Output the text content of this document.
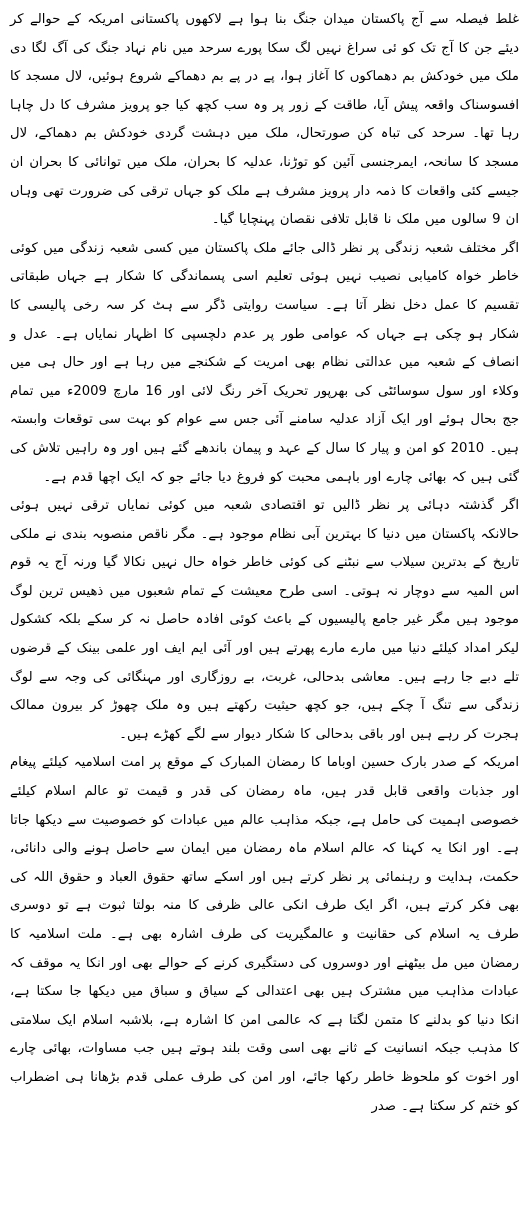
غلط فیصلہ سے آج پاکستان میدان جنگ بنا ہوا ہے لاکھوں پاکستانی امریکہ کے حوالے کر دیئے جن کا آج تک کو ئی سراغ نہیں لگ سکا پورے سرحد میں نام نہاد جنگ کی آگ لگا دی ملک میں خودکش بم دھماکوں کا آغاز ہوا، پے در پے بم دھماکے شروع ہوئیں، لال مسجد کا افسوسناک واقعہ پیش آیا، طاقت کے زور پر وہ سب کچھ کیا جو پرویز مشرف کا دل چاہا رہا تھا۔ سرحد کی تباہ کن صورتحال، ملک میں دہشت گردی خودکش بم دھماکے، لال مسجد کا سانحہ، ایمرجنسی آئین کو توڑنا، عدلیہ کا بحران، ملک میں توانائی کا بحران ان جیسے کئی واقعات کا ذمہ دار پرویز مشرف ہے ملک کو جہاں ترقی کی ضرورت تھی وہاں ان 9 سالوں میں ملک نا قابل تلافی نقصان پہنچایا گیا۔

اگر مختلف شعبہ زندگی پر نظر ڈالی جائے ملک پاکستان میں کسی شعبہ زندگی میں کوئی خاطر خواہ کامیابی نصیب نہیں ہوئی تعلیم اسی پسماندگی کا شکار ہے جہاں طبقاتی تقسیم کا عمل دخل نظر آتا ہے۔ سیاست روایتی ڈگر سے ہٹ کر سہ رخی پالیسی کا شکار ہو چکی ہے جہاں کہ عوامی طور پر عدم دلچسپی کا اظہار نمایاں ہے۔ عدل و انصاف کے شعبہ میں عدالتی نظام بھی امریت کے شکنجے میں رہا ہے اور حال ہی میں وکلاء اور سول سوسائٹی کی بھرپور تحریک آخر رنگ لائی اور 16 مارچ 2009ء میں تمام جج بحال ہوئے اور ایک آزاد عدلیہ سامنے آئی جس سے عوام کو بہت سی توقعات وابستہ ہیں۔ 2010 کو امن و پیار کا سال کے عہد و پیمان باندھے گئے ہیں اور وہ راہیں تلاش کی گئی ہیں کہ بھائی چارے اور باہمی محبت کو فروغ دیا جائے جو کہ ایک اچھا قدم ہے۔

اگر گذشتہ دہائی پر نظر ڈالیں تو اقتصادی شعبہ میں کوئی نمایاں ترقی نہیں ہوئی حالانکہ پاکستان میں دنیا کا بہترین آبی نظام موجود ہے۔ مگر ناقص منصوبہ بندی نے ملکی تاریخ کے بدترین سیلاب سے نبٹنے کی کوئی خاطر خواہ حال نہیں نکالا گیا ورنہ آج یہ قوم اس المیہ سے دوچار نہ ہوتی۔ اسی طرح معیشت کے تمام شعبوں میں ذھیس ترین لوگ موجود ہیں مگر غیر جامع پالیسیوں کے باعث کوئی افادہ حاصل نہ کر سکے بلکہ کشکول لیکر امداد کیلئے دنیا میں مارے مارے پھرتے ہیں اور آئی ایم ایف اور علمی بینک کے قرضوں تلے دبے جا رہے ہیں۔ معاشی بدحالی، غربت، بے روزگاری اور مہنگائی کی وجہ سے لوگ زندگی سے تنگ آ چکے ہیں، جو کچھ حیثیت رکھتے ہیں وہ ملک چھوڑ کر بیرون ممالک ہجرت کر رہے ہیں اور باقی بدحالی کا شکار دیوار سے لگے کھڑے ہیں۔

امریکہ کے صدر بارک حسین اوباما کا رمضان المبارک کے موقع پر امت اسلامیہ کیلئے پیغام اور جذبات واقعی قابل قدر ہیں، ماہ رمضان کی قدر و قیمت تو عالم اسلام کیلئے خصوصی اہمیت کی حامل ہے، جبکہ مذاہب عالم میں عبادات کو خصوصیت سے دیکھا جاتا ہے۔ اور انکا یہ کہنا کہ عالم اسلام ماہ رمضان میں ایمان سے حاصل ہونے والی دانائی، حکمت، ہدایت و رہنمائی پر نظر کرتے ہیں اور اسکے ساتھ حقوق العباد و حقوق اللہ کی بھی فکر کرتے ہیں، اگر ایک طرف انکی عالی ظرفی کا منہ بولتا ثبوت ہے تو دوسری طرف یہ اسلام کی حقانیت و عالمگیریت کی طرف اشارہ بھی ہے۔ ملت اسلامیہ کا رمضان میں مل بیٹھنے اور دوسروں کی دستگیری کرنے کے حوالے بھی اور انکا یہ موقف کہ عبادات مذاہب میں مشترک ہیں بھی اعتدالی کے سیاق و سباق میں دیکھا جا سکتا ہے، انکا دنیا کو بدلنے کا متمن لگتا ہے کہ عالمی امن کا اشارہ ہے، بلاشبہ اسلام ایک سلامتی کا مذہب جبکہ انسانیت کے ثانے بھی اسی وقت بلند ہوتے ہیں جب مساوات، بھائی چارے اور اخوت کو ملحوظ خاطر رکھا جائے، اور امن کی طرف عملی قدم بڑھانا ہی اضطراب کو ختم کر سکتا ہے۔ صدر
